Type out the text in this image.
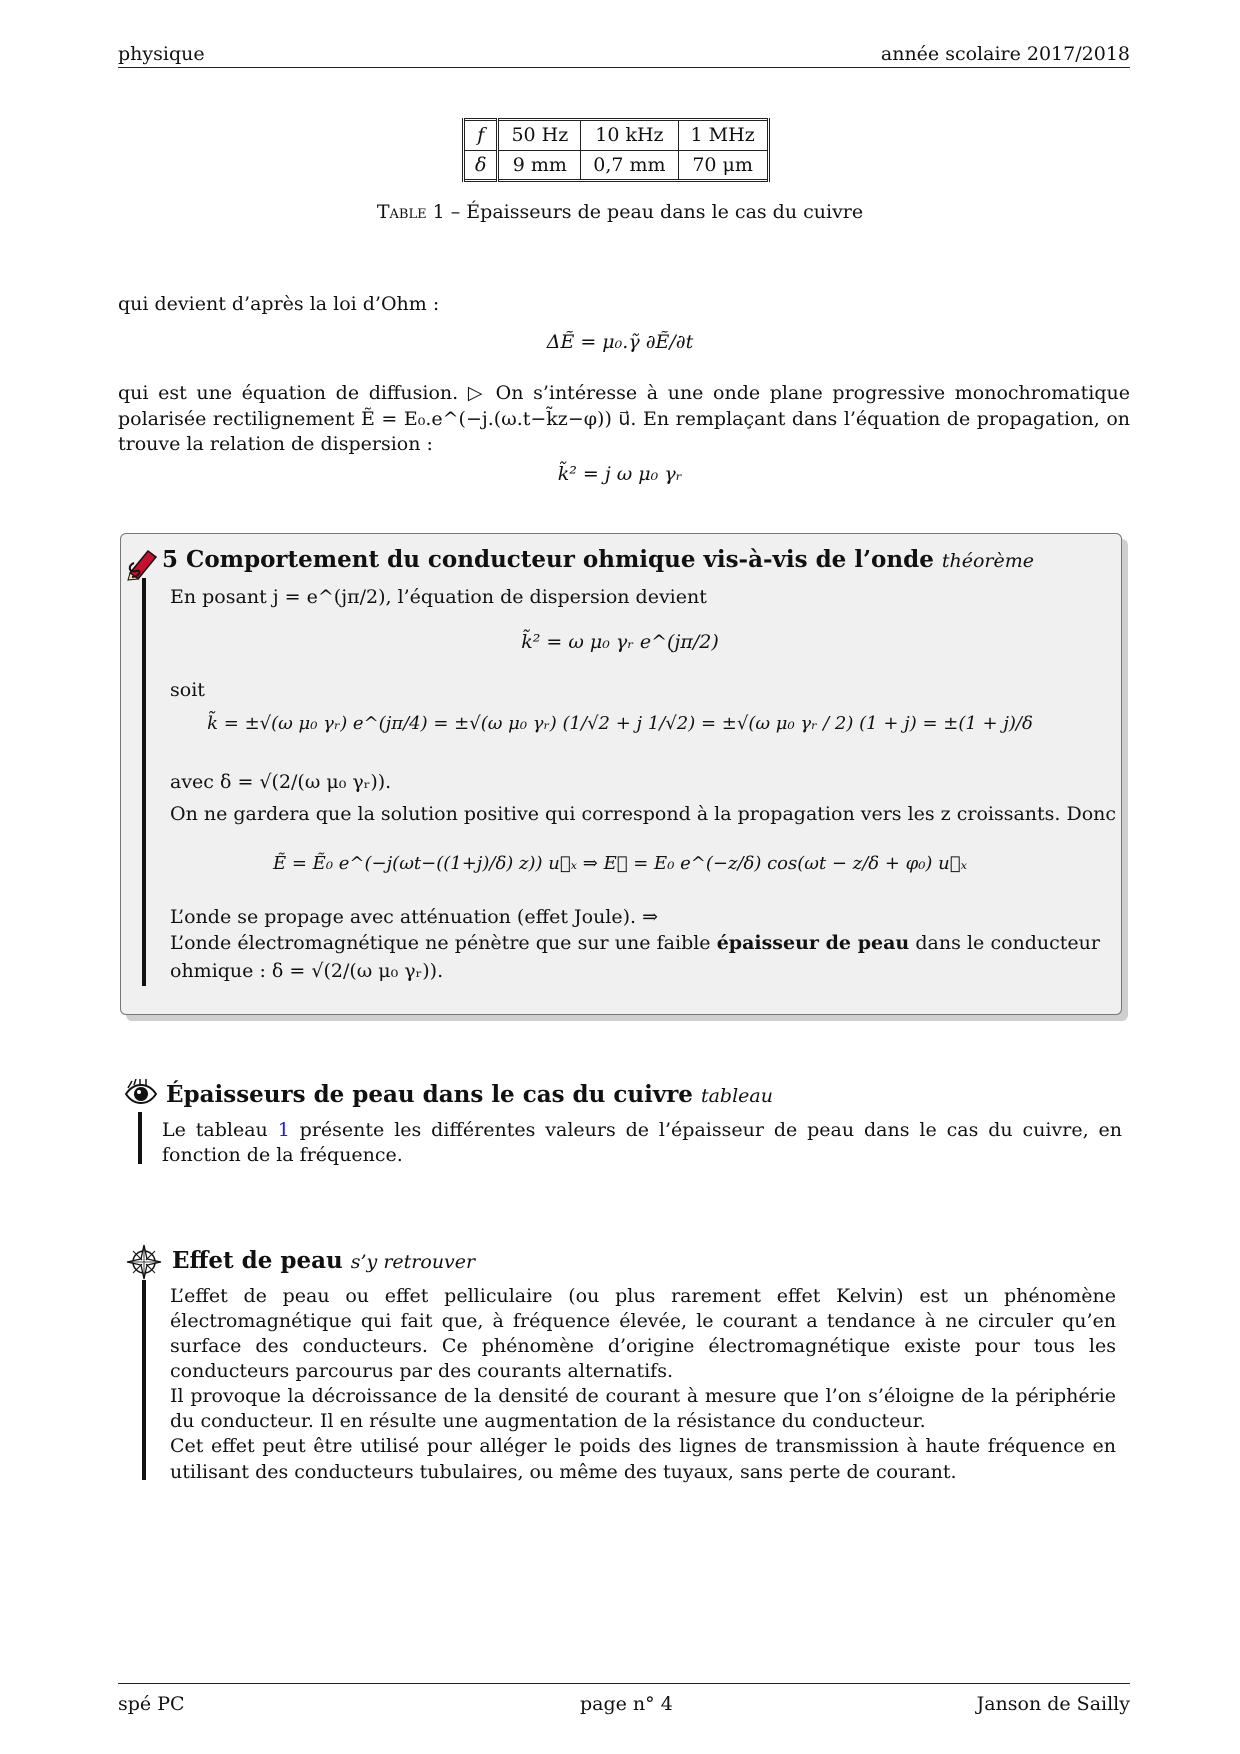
physique	année scolaire 2017/2018
f	50 Hz	10 kHz	1 MHz
δ	9 mm	0,7 mm	70 μm
Table 1 – Épaisseurs de peau dans le cas du cuivre
qui devient d’après la loi d’Ohm :
ΔẼ = μ₀.γ̃ ∂Ẽ/∂t
qui est une équation de diffusion. ▷ On s’intéresse à une onde plane progressive monochromatique polarisée rectilignement Ẽ = E₀.e^(−j.(ω.t−k̃z−φ)) u⃗. En remplaçant dans l’équation de propagation, on trouve la relation de dispersion :
k̃² = j ω μ₀ γᵣ
5 Comportement du conducteur ohmique vis-à-vis de l’onde théorème
En posant j = e^(jπ/2), l’équation de dispersion devient
k̃² = ω μ₀ γᵣ e^(jπ/2)
soit
k̃ = ±√(ω μ₀ γᵣ) e^(jπ/4) = ±√(ω μ₀ γᵣ) (1/√2 + j 1/√2) = ±√(ω μ₀ γᵣ / 2) (1 + j) = ±(1 + j)/δ
avec δ = √(2/(ω μ₀ γᵣ)).
On ne gardera que la solution positive qui correspond à la propagation vers les z croissants. Donc
Ẽ = Ẽ₀ e^(−j(ωt−((1+j)/δ) z)) u⃗ₓ ⇒ E⃗ = E₀ e^(−z/δ) cos(ωt − z/δ + φ₀) u⃗ₓ
L’onde se propage avec atténuation (effet Joule). ⇒
L’onde électromagnétique ne pénètre que sur une faible épaisseur de peau dans le conducteur ohmique : δ = √(2/(ω μ₀ γᵣ)).
Épaisseurs de peau dans le cas du cuivre tableau
Le tableau 1 présente les différentes valeurs de l’épaisseur de peau dans le cas du cuivre, en fonction de la fréquence.
Effet de peau s’y retrouver
L’effet de peau ou effet pelliculaire (ou plus rarement effet Kelvin) est un phénomène électromagnétique qui fait que, à fréquence élevée, le courant a tendance à ne circuler qu’en surface des conducteurs. Ce phénomène d’origine électromagnétique existe pour tous les conducteurs parcourus par des courants alternatifs.
Il provoque la décroissance de la densité de courant à mesure que l’on s’éloigne de la périphérie du conducteur. Il en résulte une augmentation de la résistance du conducteur.
Cet effet peut être utilisé pour alléger le poids des lignes de transmission à haute fréquence en utilisant des conducteurs tubulaires, ou même des tuyaux, sans perte de courant.
spé PC	page n° 4	Janson de Sailly
